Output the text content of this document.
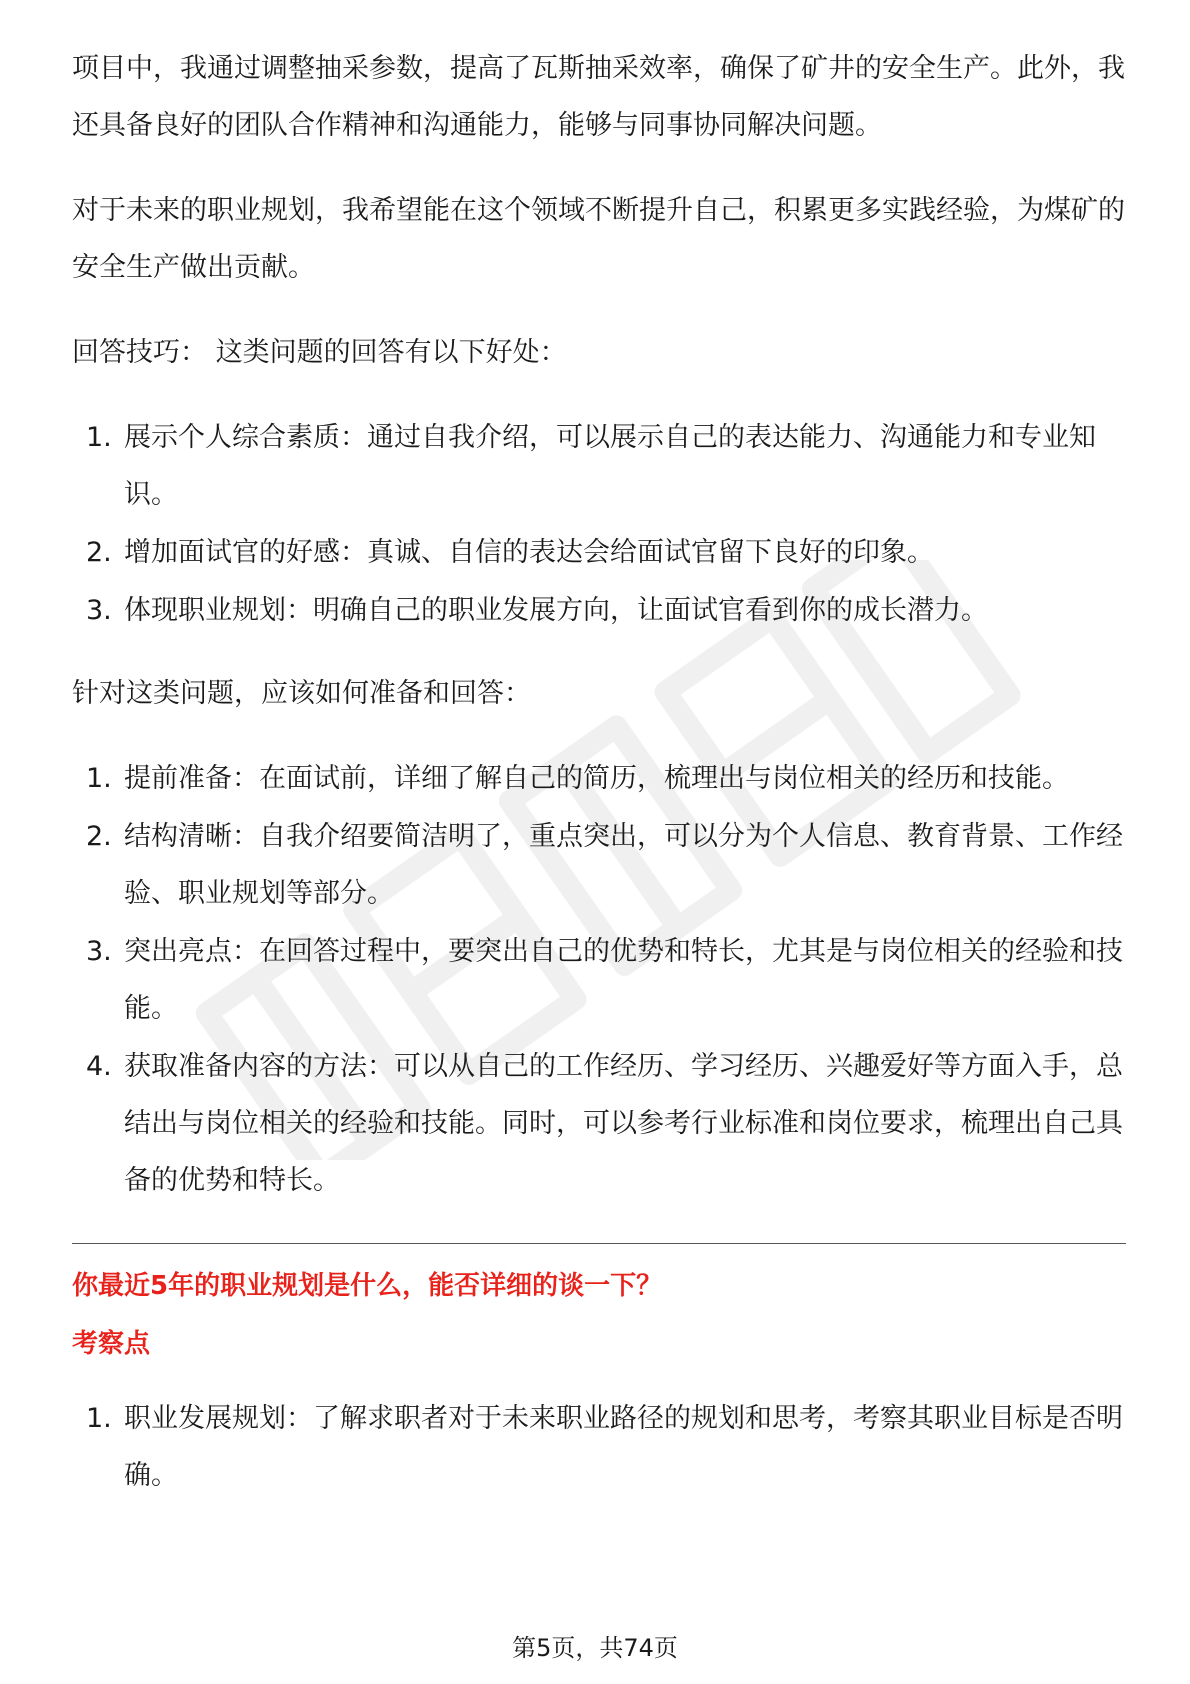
项目中，我通过调整抽采参数，提高了瓦斯抽采效率，确保了矿井的安全生产。此外，我还具备良好的团队合作精神和沟通能力，能够与同事协同解决问题。

对于未来的职业规划，我希望能在这个领域不断提升自己，积累更多实践经验，为煤矿的安全生产做出贡献。

回答技巧： 这类问题的回答有以下好处：

1. 展示个人综合素质：通过自我介绍，可以展示自己的表达能力、沟通能力和专业知识。
2. 增加面试官的好感：真诚、自信的表达会给面试官留下良好的印象。
3. 体现职业规划：明确自己的职业发展方向，让面试官看到你的成长潜力。

针对这类问题，应该如何准备和回答：

1. 提前准备：在面试前，详细了解自己的简历，梳理出与岗位相关的经历和技能。
2. 结构清晰：自我介绍要简洁明了，重点突出，可以分为个人信息、教育背景、工作经验、职业规划等部分。
3. 突出亮点：在回答过程中，要突出自己的优势和特长，尤其是与岗位相关的经验和技能。
4. 获取准备内容的方法：可以从自己的工作经历、学习经历、兴趣爱好等方面入手，总结出与岗位相关的经验和技能。同时，可以参考行业标准和岗位要求，梳理出自己具备的优势和特长。
你最近5年的职业规划是什么，能否详细的谈一下？
考察点
1. 职业发展规划：了解求职者对于未来职业路径的规划和思考，考察其职业目标是否明确。
第5页，共74页
